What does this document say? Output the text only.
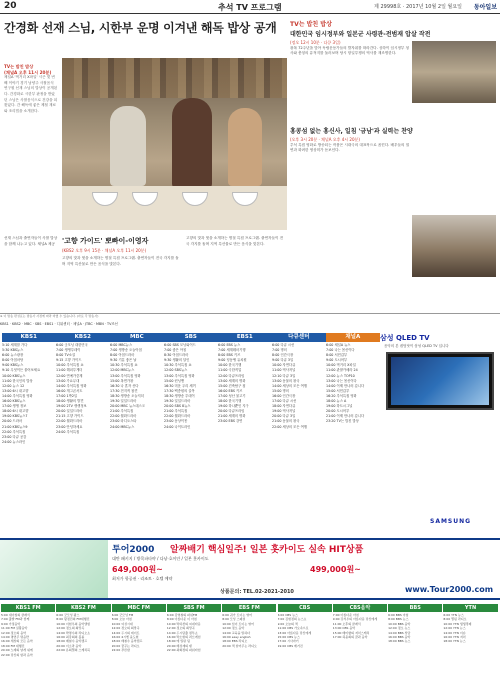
20	추석 TV 프로그램	제 29998호 · 2017년 10월 2일 월요일 동아일보
간경화 선재 스님, 시한부 운명 이겨낸 해독 밥상 공개
TV는 밥친 밥상
(채널A 오후 11시 20분)
채널A '먹거리 X파일' 시즌 몇 번째 이야기 경기 남양주 사찰음식 연구원 선재 스님의 밥상이 공개된다. 간경화로 시한부 판정을 받았던 스님은 사찰음식으로 건강을 되찾았다. 간 해독에 좋은 제철 재료와 조리법을 소개한다.
선재 스님과 출연자들이 사찰 밥상을 함께 나누고 있다. 채널A 제공	'고향 가이드' 뽀빠이-이영자
(KBS2 오후 9시 15분 · 채널A 오후 11시 20분)
고향의 맛과 멋을 소개하는 명절 특집 프로그램. 출연자들이 전국 각지를 돌며 지역 특산물로 만든 음식을 맛본다.
고향의 맛과 멋을 소개하는 명절 특집 프로그램. 출연자들이 전국 각지를 돌며 지역 특산물로 만든 음식을 맛본다.
TV는 밥친 밥상
대한민국 임시정부와 일본군 사령관-전범재 압살 작전
(정오 12시 10분 · 다큐 3일)
광복 72주년을 맞아 독립운동가들의 발자취를 따라간다. 상하이 임시정부 청사와 충칭의 유적지를 둘러보며 당시 항일투쟁의 역사를 재조명한다.
홍콩섬 없는 홍신사, 일침 '금남'과 실력는 찬양
(오후 3시 20분 · 채널A 오후 4시 20분)
추석 특집 영화로 방송되는 작품은 시대극의 대표작으로 꼽힌다. 배우들의 열연과 화려한 영상미가 돋보인다.
※ 이 방송 편성표는 방송사 사정에 따라 바뀔 수 있습니다. (자료 각 방송사)
KBS1 · KBS2 · MBC · SBS · EBS1 · 디워센터 · 채널A · JTBC · MBN · TV조선
KBS1
5:10 세계를 가다
5:30 KBS뉴스
6:00 뉴스광장
8:00 아침마당
9:00 KBS뉴스
9:10 무엇이든 물어보세요
10:00 KBS뉴스
11:00 한국인의 밥상
12:00 뉴스 12
13:00 6시 내고향
14:00 추석특집 영화
16:00 KBS뉴스
17:00 생생 정보
18:00 6시 내고향
19:00 KBS뉴스7
20:00 드라마
21:00 KBS뉴스9
22:00 추석특집
23:00 다큐 공감
24:00 뉴스라인
KBS2
6:00 굿모닝 대한민국
7:00 생생투데이
8:00 TV소설
9:15 고향 가이드
10:00 추석특집 쇼
11:00 해피투게더
12:00 연예가중계
13:00 가요무대
14:00 추석특집 영화
16:00 개그콘서트
17:00 1박2일
18:00 생활의 발견
19:00 2TV 생생정보
20:00 일일드라마
21:15 고향 가이드
22:00 월화드라마
23:00 안녕하세요
24:00 추석특집
MBC
6:00 MBC뉴스
7:00 생방송 오늘아침
8:00 아침드라마
9:30 기분 좋은 날
10:30 추석특집 쇼
12:00 MBC뉴스
13:00 추석특집 영화
15:00 복면가왕
16:30 나 혼자 산다
17:30 전지적 참견
18:30 생방송 오늘저녁
19:30 일일드라마
20:00 MBC 뉴스데스크
21:00 추석특집
22:00 월화드라마
23:00 라디오스타
24:00 MBC뉴스
SBS
6:00 SBS 모닝와이드
7:00 좋은 아침
8:30 아침드라마
9:30 생활의 달인
10:30 추석특집 쇼
12:00 SBS뉴스
13:00 추석특집 영화
15:00 런닝맨
16:30 미운 우리 새끼
17:30 백종원의 골목
18:30 생방송 투데이
19:30 일일드라마
20:00 SBS 8뉴스
21:00 추석특집
22:00 월화드라마
23:00 동상이몽
24:00 나이트라인
EBS1
6:00 EBS 뉴스
7:00 세계테마기행
8:00 EBS 키즈
9:00 딩동댕 유치원
10:00 한국기행
11:00 극한직업
12:00 다큐프라임
13:00 세계의 명화
15:00 건축탐구 집
16:00 EBS 키즈
17:00 성난 물고기
18:00 한국기행
19:00 하나뿐인 지구
20:00 다큐프라임
21:00 세계의 명화
23:00 EBS 강연
다큐센터
6:00 다큐 시선
7:00 명의
8:00 인간극장
9:00 다큐 3일
10:00 자연다큐
11:00 역사저널
12:10 다큐 3일
13:00 동물의 왕국
14:00 세상의 모든 여행
15:00 명의
16:00 인간극장
17:00 다큐 시선
18:00 자연다큐
19:00 역사저널
20:00 다큐 3일
21:00 동물의 왕국
22:00 세상의 모든 여행
채널A
6:00 채널A 뉴스
7:00 나는 몸신이다
8:00 서민갑부
9:00 도시어부
10:00 먹거리 X파일
11:00 관찰카메라 24
12:00 뉴스 TOP10
13:00 나는 몸신이다
14:00 이제 만나러 갑니다
15:00 서민갑부
16:20 추석특집 영화
18:00 뉴스 A
19:00 하트시그널
20:00 도시어부
21:00 이제 만나러 갑니다
23:20 TV는 밥친 밥상
삼성 QLED TV
음악의 본 퀀텀닷이 삼성 QLED TV 입니다
SAMSUNG
투어2000 알짜배기 핵심일주! 일본 홋카이도 실속 HIT상품
대만 패키지 / 방콕파타야 / 다낭·호이안 / 일본 홋카이도
649,000원~	499,000원~
최저가 항공권 · 리조트 · 호텔 예약
상품문의: TEL.02-2021-2010	www.Tour2000.com
KBS1 FM
5:00 새아침의 클래식
7:00 출발 FM과 함께
9:00 가정음악
11:00 FM 실황음악
12:00 정오의 음악
14:00 명연주 명음반
16:00 세상의 모든 음악
18:00 FM 대행진
20:00 노래의 날개 위에
22:00 당신의 밤과 음악
KBS2 FM
6:00 굿모닝 팝스
8:00 황정민의 FM대행진
10:00 이현우의 음악앨범
12:00 정오의 희망곡
14:00 박명수의 라디오쇼
16:00 최강희의 볼륨
18:00 배철수 음악캠프
20:00 이소라 음악
22:00 유희열의 스케치북
MBC FM
6:00 굿모닝 FM
8:00 오늘 아침
10:00 여성시대
12:00 정오의 희망곡
14:00 두시의 데이트
16:00 4시엔 윤도현
18:00 배철수 음악캠프
20:00 꿈꾸는 라디오
22:00 푸른밤
SBS FM
6:00 김영철의 파워FM
8:00 아름다운 이 아침
10:00 박하선의 씨네타운
12:00 정오의 희망곡
14:00 두시탈출 컬투쇼
16:00 박소현의 러브게임
18:00 에 밀란 팀
20:00 배성재의 텐
22:00 최화정의 파워타임
EBS FM
6:00 귀가 트이는 영어
8:00 모닝 스페셜
10:00 입이 트이는 영어
12:00 정오 음악
14:00 교육을 말하다
16:00 easy english
18:00 EBS 라디오
20:00 책 읽어주는 라디오
CBS
6:00 CBS 뉴스
7:00 김현정의 뉴스쇼
9:00 오늘의 책
11:00 CBS 가요속으로
13:00 아름다운 당신에게
15:00 CBS 뉴스
17:00 시사자키
19:00 CBS 매거진
CBS음악
7:00 아름다운 아침
9:00 강석우의 아름다운 당신에게
11:00 오후의 클래식
13:00 CBS 음악
15:00 배미향의 저녁스케치
17:00 허윤희의 꿈과 음악
BBS
6:00 BBS 아침
8:00 BBS 뉴스
10:00 BBS 음악
12:00 정오 뉴스
14:00 BBS 상담
16:00 BBS 음악
18:00 BBS 뉴스
YTN
6:00 YTN 뉴스
8:00 열린 라디오
10:00 YTN 생생경제
12:00 YTN 뉴스
14:00 YTN 이슈
16:00 YTN 저녁
18:00 YTN 뉴스
